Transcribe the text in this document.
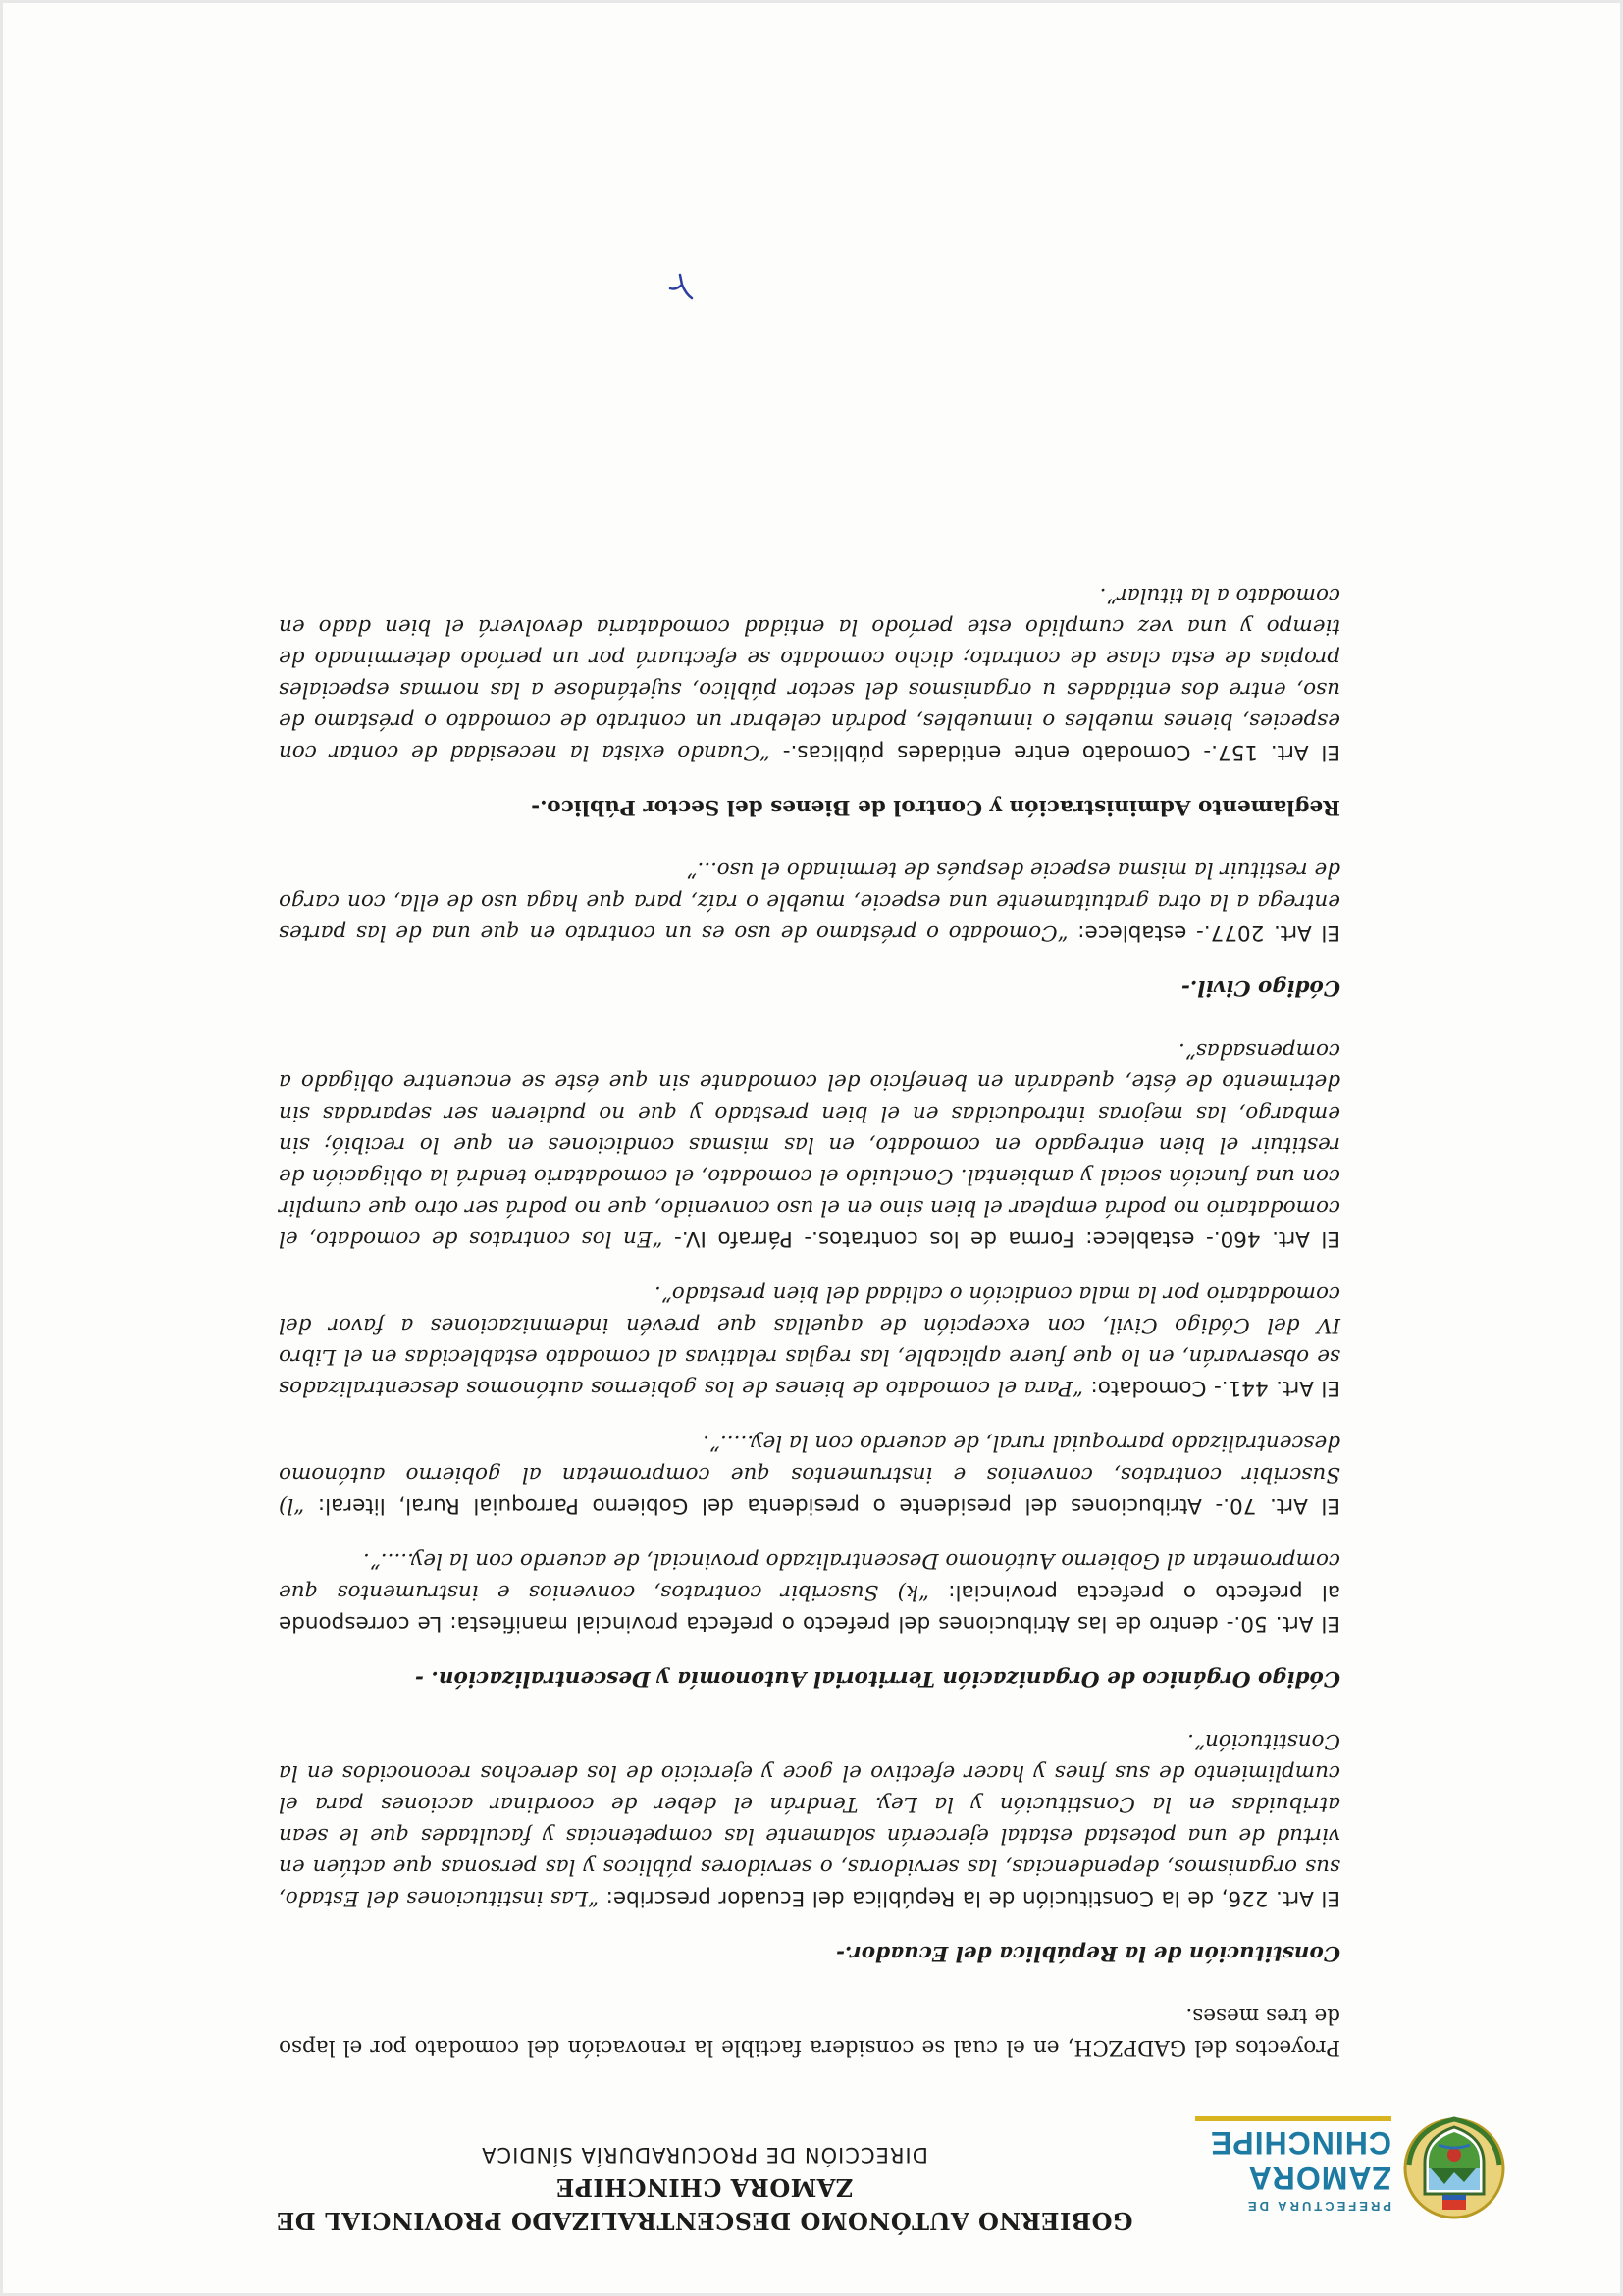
PREFECTURA DE
ZAMORA
CHINCHIPE
GOBIERNO AUTÓNOMO DESCENTRALIZADO PROVINCIAL DE
ZAMORA CHINCHIPE
DIRECCIÓN DE PROCURADURÍA SÍNDICA

Proyectos del GADPZCH, en el cual se considera factible la renovación del comodato por el lapso de tres meses.

Constitución de la República del Ecuador.-

El Art. 226, de la Constitución de la República del Ecuador prescribe: “Las instituciones del Estado, sus organismos, dependencias, las servidoras, o servidores públicos y las personas que actúen en virtud de una potestad estatal ejercerán solamente las competencias y facultades que le sean atribuidas en la Constitución y la Ley. Tendrán el deber de coordinar acciones para el cumplimiento de sus fines y hacer efectivo el goce y ejercicio de los derechos reconocidos en la Constitución”.

Código Orgánico de Organización Territorial Autonomía y Descentralización. -

El Art. 50.- dentro de las Atribuciones del prefecto o prefecta provincial manifiesta: Le corresponde al prefecto o prefecta provincial: “k) Suscribir contratos, convenios e instrumentos que comprometan al Gobierno Autónomo Descentralizado provincial, de acuerdo con la ley.....”.

El Art. 70.- Atribuciones del presidente o presidenta del Gobierno Parroquial Rural, literal: “l) Suscribir contratos, convenios e instrumentos que comprometan al gobierno autónomo descentralizado parroquial rural, de acuerdo con la ley.....”.

El Art. 441.- Comodato: “Para el comodato de bienes de los gobiernos autónomos descentralizados se observarán, en lo que fuere aplicable, las reglas relativas al comodato establecidas en el Libro IV del Código Civil, con excepción de aquellas que prevén indemnizaciones a favor del comodatario por la mala condición o calidad del bien prestado”.

El Art. 460.- establece: Forma de los contratos.- Párrafo IV.- “En los contratos de comodato, el comodatario no podrá emplear el bien sino en el uso convenido, que no podrá ser otro que cumplir con una función social y ambiental. Concluido el comodato, el comodatario tendrá la obligación de restituir el bien entregado en comodato, en las mismas condiciones en que lo recibió; sin embargo, las mejoras introducidas en el bien prestado y que no pudieren ser separadas sin detrimento de éste, quedarán en beneficio del comodante sin que éste se encuentre obligado a compensadas”.

Código Civil.-

El Art. 2077.- establece: “Comodato o préstamo de uso es un contrato en que una de las partes entrega a la otra gratuitamente una especie, mueble o raíz, para que haga uso de ella, con cargo de restituir la misma especie después de terminado el uso...”

Reglamento Administración y Control de Bienes del Sector Público.-

El Art. 157.- Comodato entre entidades públicas.- “Cuando exista la necesidad de contar con especies, bienes muebles o inmuebles, podrán celebrar un contrato de comodato o préstamo de uso, entre dos entidades u organismos del sector público, sujetándose a las normas especiales propias de esta clase de contrato; dicho comodato se efectuará por un período determinado de tiempo y una vez cumplido este período la entidad comodataria devolverá el bien dado en comodato a la titular”.
